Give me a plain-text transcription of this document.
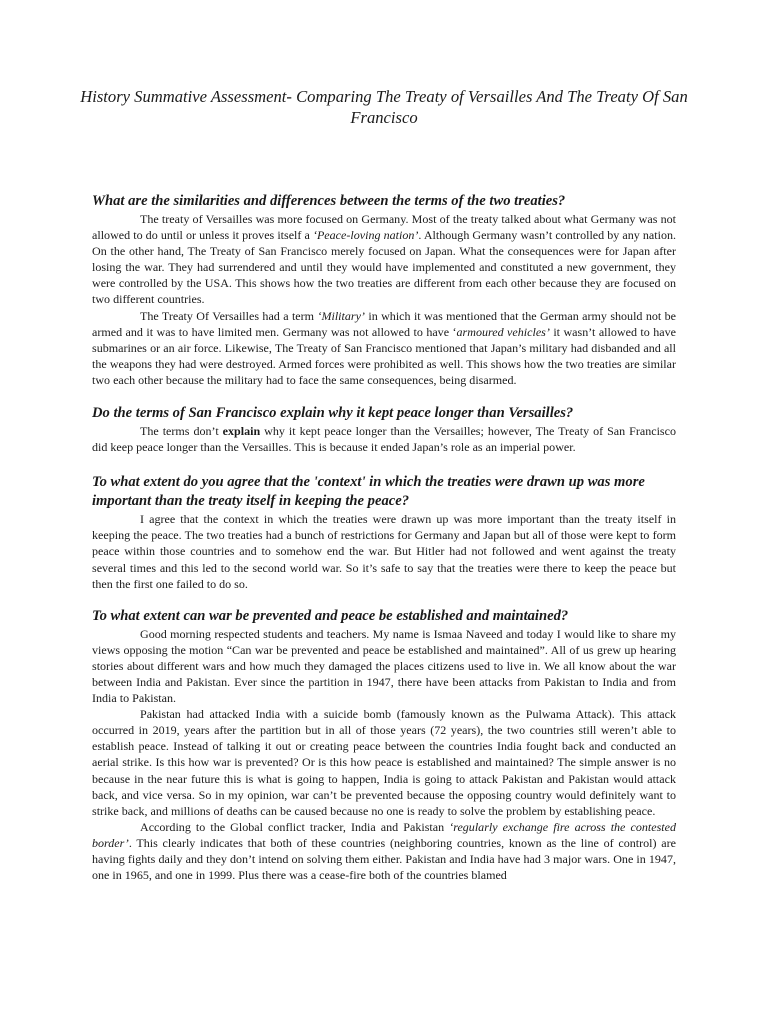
History Summative Assessment- Comparing The Treaty of Versailles And The Treaty Of San Francisco
What are the similarities and differences between the terms of the two treaties?

The treaty of Versailles was more focused on Germany. Most of the treaty talked about what Germany was not allowed to do until or unless it proves itself a ‘Peace-loving nation’. Although Germany wasn’t controlled by any nation. On the other hand, The Treaty of San Francisco merely focused on Japan. What the consequences were for Japan after losing the war. They had surrendered and until they would have implemented and constituted a new government, they were controlled by the USA. This shows how the two treaties are different from each other because they are focused on two different countries.

The Treaty Of Versailles had a term ‘Military’ in which it was mentioned that the German army should not be armed and it was to have limited men. Germany was not allowed to have ‘armoured vehicles’ it wasn’t allowed to have submarines or an air force. Likewise, The Treaty of San Francisco mentioned that Japan’s military had disbanded and all the weapons they had were destroyed. Armed forces were prohibited as well. This shows how the two treaties are similar two each other because the military had to face the same consequences, being disarmed.

Do the terms of San Francisco explain why it kept peace longer than Versailles?

The terms don’t explain why it kept peace longer than the Versailles; however, The Treaty of San Francisco did keep peace longer than the Versailles. This is because it ended Japan’s role as an imperial power.

To what extent do you agree that the 'context' in which the treaties were drawn up was more important than the treaty itself in keeping the peace?

I agree that the context in which the treaties were drawn up was more important than the treaty itself in keeping the peace. The two treaties had a bunch of restrictions for Germany and Japan but all of those were kept to form peace within those countries and to somehow end the war. But Hitler had not followed and went against the treaty several times and this led to the second world war. So it’s safe to say that the treaties were there to keep the peace but then the first one failed to do so.

To what extent can war be prevented and peace be established and maintained?

Good morning respected students and teachers. My name is Ismaa Naveed and today I would like to share my views opposing the motion “Can war be prevented and peace be established and maintained”. All of us grew up hearing stories about different wars and how much they damaged the places citizens used to live in. We all know about the war between India and Pakistan. Ever since the partition in 1947, there have been attacks from Pakistan to India and from India to Pakistan.

Pakistan had attacked India with a suicide bomb (famously known as the Pulwama Attack). This attack occurred in 2019, years after the partition but in all of those years (72 years), the two countries still weren’t able to establish peace. Instead of talking it out or creating peace between the countries India fought back and conducted an aerial strike. Is this how war is prevented? Or is this how peace is established and maintained? The simple answer is no because in the near future this is what is going to happen, India is going to attack Pakistan and Pakistan would attack back, and vice versa. So in my opinion, war can’t be prevented because the opposing country would definitely want to strike back, and millions of deaths can be caused because no one is ready to solve the problem by establishing peace.

According to the Global conflict tracker, India and Pakistan ‘regularly exchange fire across the contested border’. This clearly indicates that both of these countries (neighboring countries, known as the line of control) are having fights daily and they don’t intend on solving them either. Pakistan and India have had 3 major wars. One in 1947, one in 1965, and one in 1999. Plus there was a cease-fire both of the countries blamed
